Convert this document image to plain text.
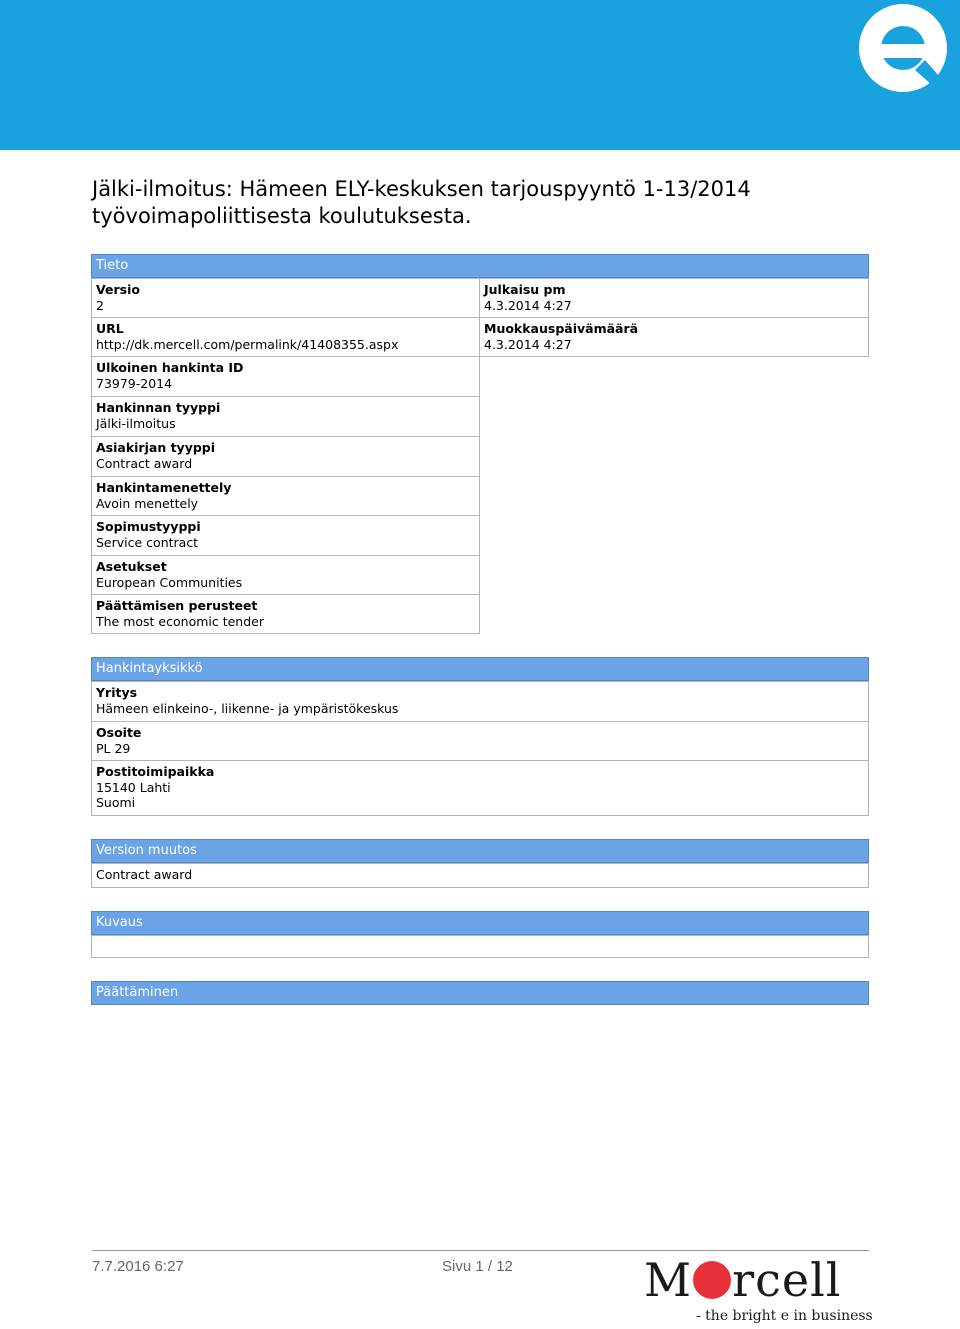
Jälki-ilmoitus: Hämeen ELY-keskuksen tarjouspyyntö 1-13/2014
työvoimapoliittisesta koulutuksesta.
Tieto
Versio
2
URL
http://dk.mercell.com/permalink/41408355.aspx
Ulkoinen hankinta ID
73979-2014
Hankinnan tyyppi
Jälki-ilmoitus
Asiakirjan tyyppi
Contract award
Hankintamenettely
Avoin menettely
Sopimustyyppi
Service contract
Asetukset
European Communities
Päättämisen perusteet
The most economic tender
Julkaisu pm
4.3.2014 4:27
Muokkauspäivämäärä
4.3.2014 4:27
Hankintayksikkö
Yritys
Hämeen elinkeino-, liikenne- ja ympäristökeskus
Osoite
PL 29
Postitoimipaikka
15140 Lahti
Suomi
Version muutos
Contract award
Kuvaus
Päättäminen
7.7.2016 6:27	Sivu 1 / 12	M rcell
- the bright e in business
